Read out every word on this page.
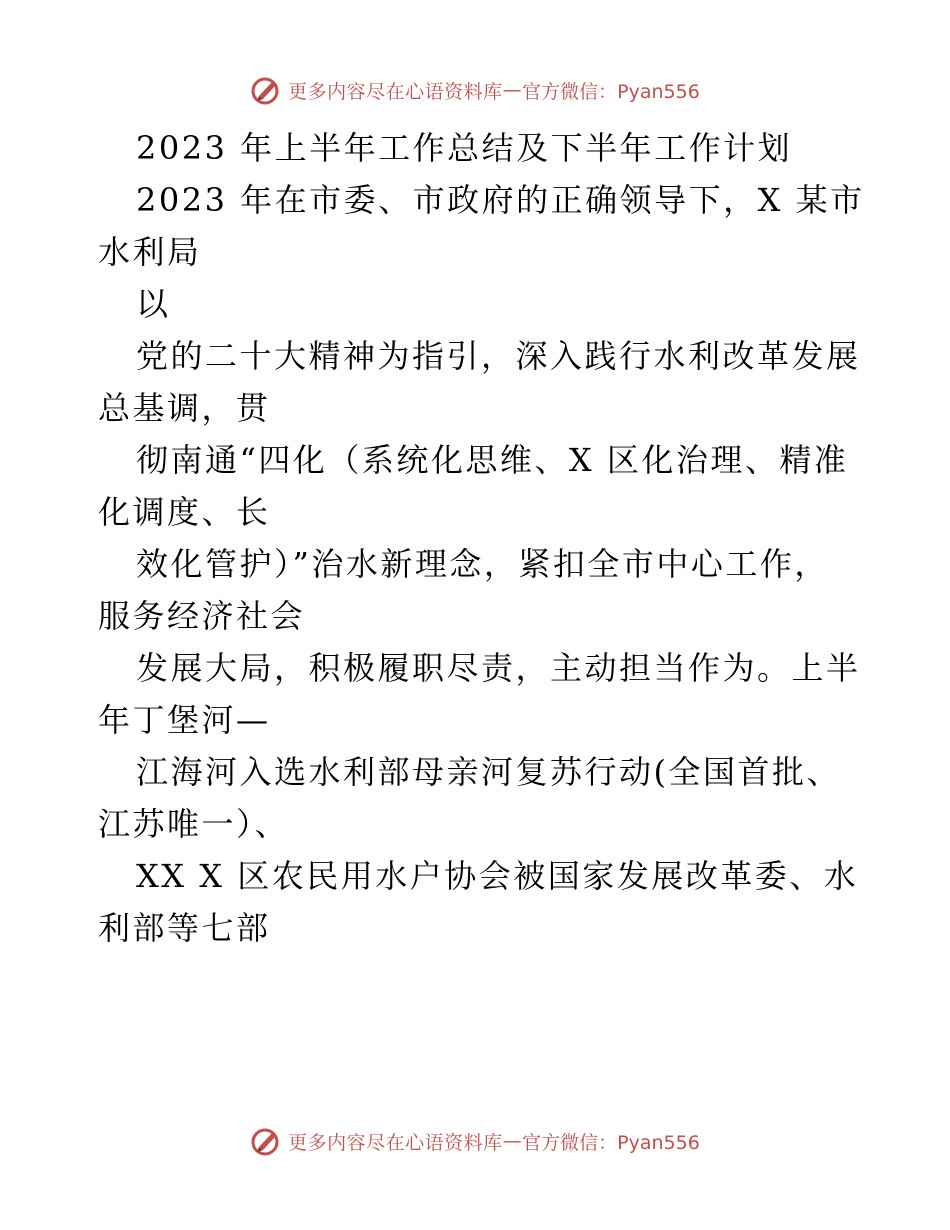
更多内容尽在心语资料库 — 官方微信：Pyan556
2023 年上半年工作总结及下半年工作计划
2023 年在市委、市政府的正确领导下，X 某市
水利局
以
党的二十大精神为指引，深入践行水利改革发展
总基调，贯
彻南通“四化（系统化思维、X 区化治理、精准
化调度、长
效化管护）”治水新理念，紧扣全市中心工作，
服务经济社会
发展大局，积极履职尽责，主动担当作为。上半
年丁堡河—
江海河入选水利部母亲河复苏行动(全国首批、
江苏唯一）、
XX X 区农民用水户协会被国家发展改革委、水
利部等七部
更多内容尽在心语资料库 — 官方微信：Pyan556
